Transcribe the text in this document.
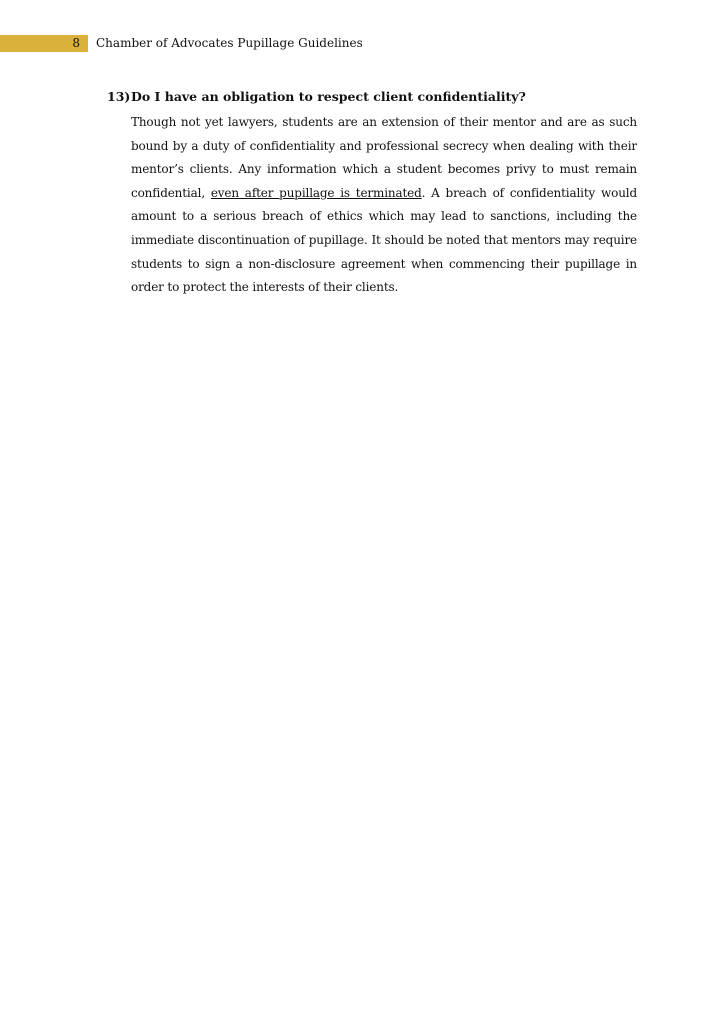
8 Chamber of Advocates Pupillage Guidelines
13)Do I have an obligation to respect client confidentiality?

Though not yet lawyers, students are an extension of their mentor and are as such bound by a duty of confidentiality and professional secrecy when dealing with their mentor’s clients. Any information which a student becomes privy to must remain confidential, even after pupillage is terminated. A breach of confidentiality would amount to a serious breach of ethics which may lead to sanctions, including the immediate discontinuation of pupillage. It should be noted that mentors may require students to sign a non-disclosure agreement when commencing their pupillage in order to protect the interests of their clients.
